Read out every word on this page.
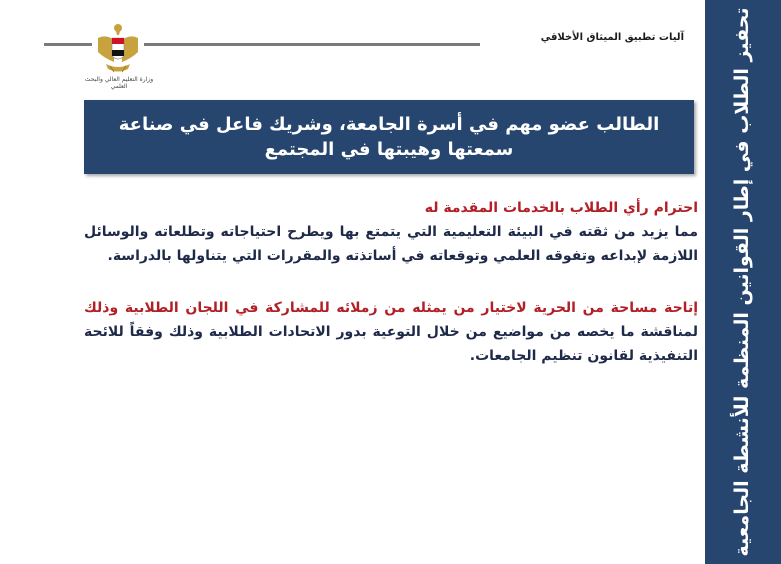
آليات تطبيق الميثاق الأخلاقي
وزارة التعليم العالي والبحث العلمي	تحفيز الطلاب في إطار القوانين المنظمة للأنشطة الجامعية
الطالب عضو مهم في أسرة الجامعة، وشريك فاعل في صناعة سمعتها وهيبتها في المجتمع

احترام رأي الطلاب بالخدمات المقدمة له

مما يزيد من ثقته في البيئة التعليمية التي يتمتع بها ويطرح احتياجاته وتطلعاته والوسائل اللازمة لإبداعه وتفوقه العلمي وتوقعاته في أساتذته والمقررات التي يتناولها بالدراسة.

إتاحة مساحة من الحرية لاختيار من يمثله من زملائه للمشاركة في اللجان الطلابية وذلك لمناقشة ما يخصه من مواضيع من خلال التوعية بدور الاتحادات الطلابية وذلك وفقاً للائحة التنفيذية لقانون تنظيم الجامعات.
